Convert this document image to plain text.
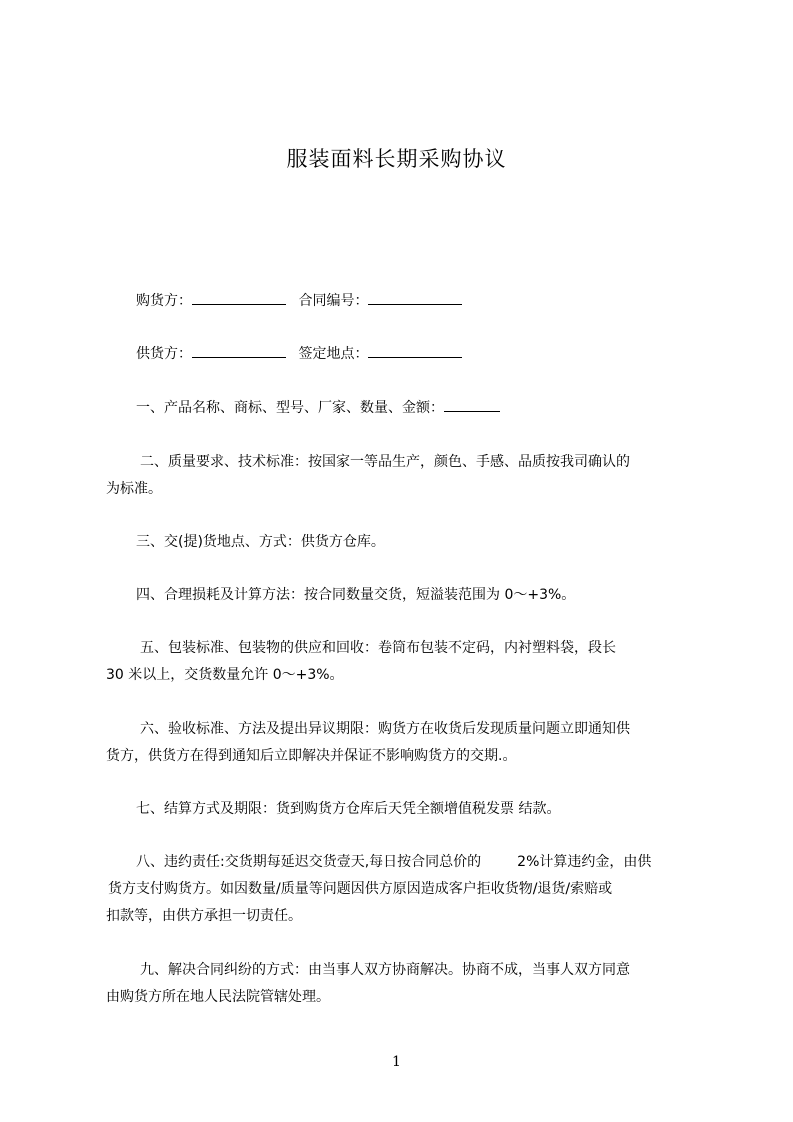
服装面料长期采购协议
购货方：	合同编号：
供货方：	签定地点：
一、产品名称、商标、型号、厂家、数量、金额：
二、质量要求、技术标准：按国家一等品生产，颜色、手感、品质按我司确认的
为标准。
三、交(提)货地点、方式：供货方仓库。
四、合理损耗及计算方法：按合同数量交货，短溢装范围为 0～+3%。
五、包装标准、包装物的供应和回收：卷筒布包装不定码，内衬塑料袋，段长
30 米以上，交货数量允许 0～+3%。
六、验收标准、方法及提出异议期限：购货方在收货后发现质量问题立即通知供
货方，供货方在得到通知后立即解决并保证不影响购货方的交期.。
七、结算方式及期限：货到购货方仓库后天凭全额增值税发票 结款。
八、违约责任:交货期每延迟交货壹天,每日按合同总价的	2%计算违约金，由供
货方支付购货方。如因数量/质量等问题因供方原因造成客户拒收货物/退货/索赔或
扣款等，由供方承担一切责任。
九、解决合同纠纷的方式：由当事人双方协商解决。协商不成，当事人双方同意
由购货方所在地人民法院管辖处理。
1
